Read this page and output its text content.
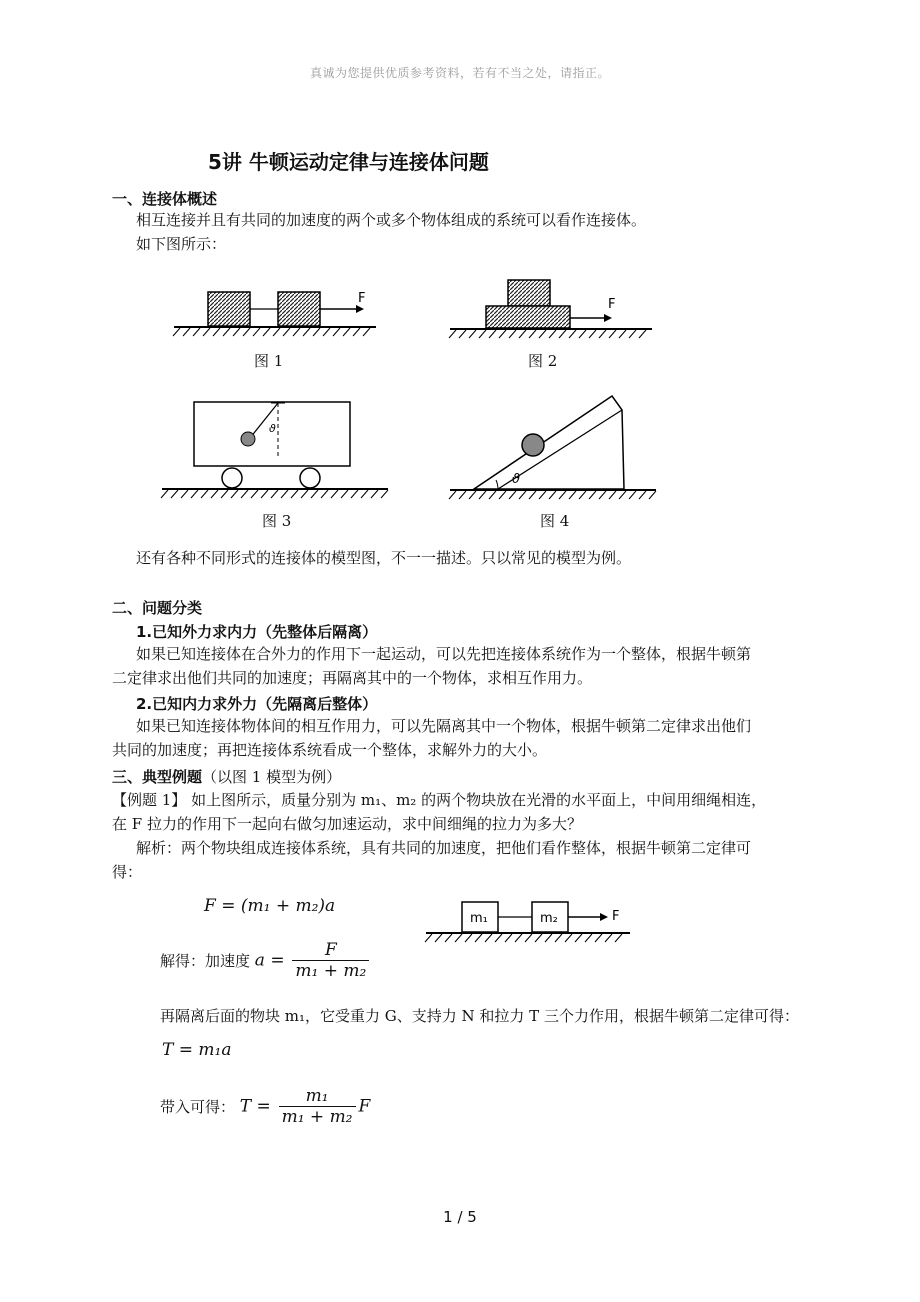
真诚为您提供优质参考资料，若有不当之处，请指正。
5讲 牛顿运动定律与连接体问题
一、连接体概述
相互连接并且有共同的加速度的两个或多个物体组成的系统可以看作连接体。
如下图所示：
F
图 1
F
图 2
ϑ
图 3
ϑ
图 4
还有各种不同形式的连接体的模型图，不一一描述。只以常见的模型为例。
二、问题分类
1.已知外力求内力（先整体后隔离）
如果已知连接体在合外力的作用下一起运动，可以先把连接体系统作为一个整体，根据牛顿第
二定律求出他们共同的加速度；再隔离其中的一个物体，求相互作用力。
2.已知内力求外力（先隔离后整体）
如果已知连接体物体间的相互作用力，可以先隔离其中一个物体，根据牛顿第二定律求出他们
共同的加速度；再把连接体系统看成一个整体，求解外力的大小。
三、典型例题（以图 1 模型为例）
【例题 1】 如上图所示，质量分别为 m₁、m₂ 的两个物块放在光滑的水平面上，中间用细绳相连，
在 F 拉力的作用下一起向右做匀加速运动，求中间细绳的拉力为多大？
解析：两个物块组成连接体系统，具有共同的加速度，把他们看作整体，根据牛顿第二定律可
得：
F = (m₁ + m₂)a
m₁	m₂	F
解得：加速度 $a = \frac{F}{\text{m₁ + m₂}}$
再隔离后面的物块 m₁，它受重力 G、支持力 N 和拉力 T 三个力作用，根据牛顿第二定律可得：
T = m₁a
带入可得： $T = \frac{\text{m₁}}{\text{m₁ + m₂}}$ F
1 / 5
